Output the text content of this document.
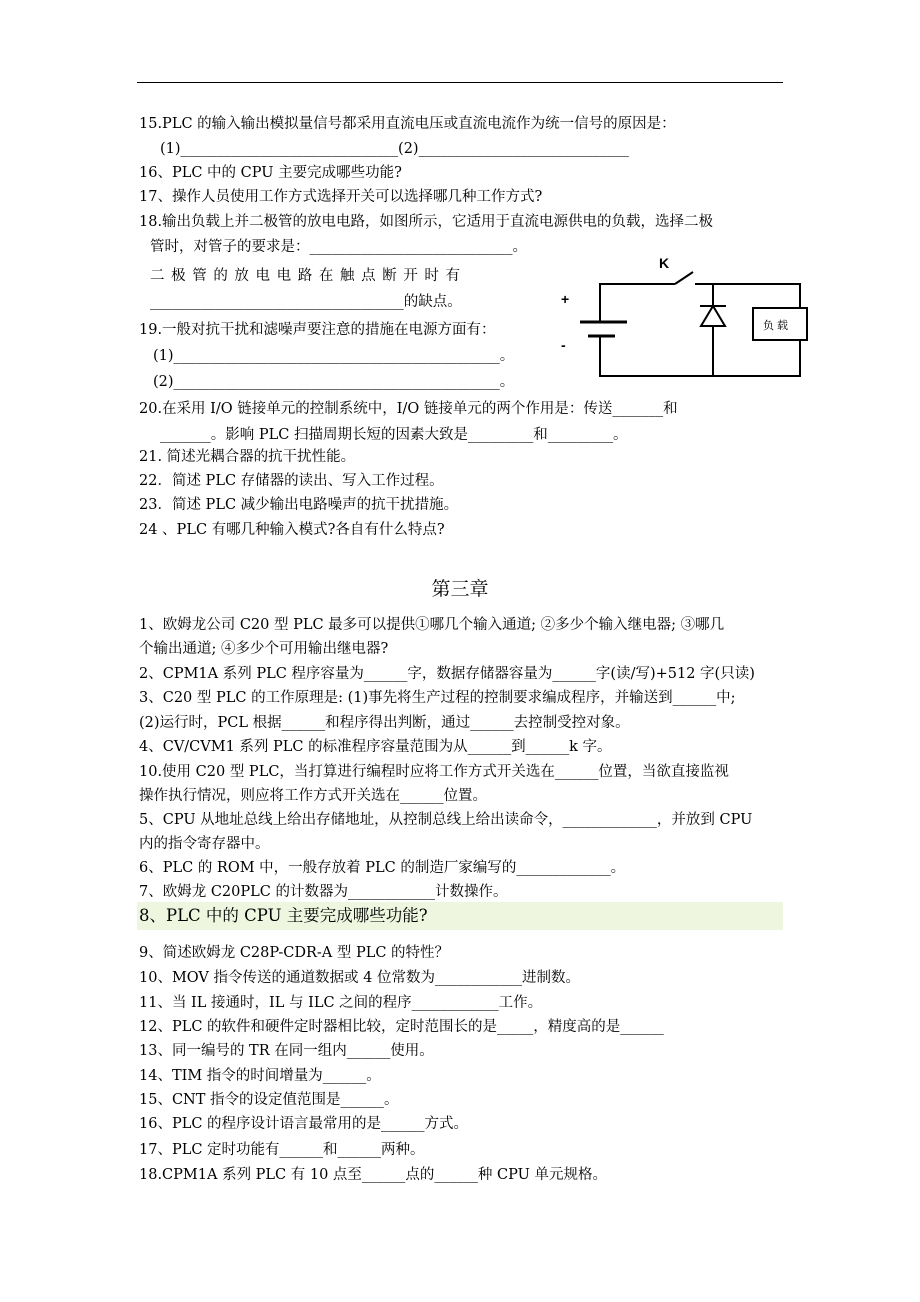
15.PLC 的输入输出模拟量信号都采用直流电压或直流电流作为统一信号的原因是：
(1)______________________________(2)_____________________________
16、PLC 中的 CPU 主要完成哪些功能?
17、操作人员使用工作方式选择开关可以选择哪几种工作方式?
18.输出负载上并二极管的放电电路，如图所示，它适用于直流电源供电的负载，选择二极
管时，对管子的要求是：____________________________。
二 极 管 的 放 电 电 路 在 触 点 断 开 时 有
___________________________________的缺点。
19.一般对抗干扰和滤噪声要注意的措施在电源方面有：
(1)_____________________________________________。
(2)_____________________________________________。
20.在采用 I/O 链接单元的控制系统中，I/O 链接单元的两个作用是：传送_______和
_______。影响 PLC 扫描周期长短的因素大致是_________和_________。
21. 简述光耦合器的抗干扰性能。
22．简述 PLC 存储器的读出、写入工作过程。
23．简述 PLC 减少输出电路噪声的抗干扰措施。
24 、PLC 有哪几种输入模式?各自有什么特点?
第三章
1、欧姆龙公司 C20 型 PLC 最多可以提供①哪几个输入通道; ②多少个输入继电器; ③哪几
个输出通道; ④多少个可用输出继电器?
2、CPM1A 系列 PLC 程序容量为______字，数据存储器容量为______字(读/写)+512 字(只读)
3、C20 型 PLC 的工作原理是: (1)事先将生产过程的控制要求编成程序，并输送到______中;
(2)运行时，PCL 根据______和程序得出判断，通过______去控制受控对象。
4、CV/CVM1 系列 PLC 的标准程序容量范围为从______到______k 字。
10.使用 C20 型 PLC，当打算进行编程时应将工作方式开关选在______位置，当欲直接监视
操作执行情况，则应将工作方式开关选在______位置。
5、CPU 从地址总线上给出存储地址，从控制总线上给出读命令，_____________，并放到 CPU
内的指令寄存器中。
6、PLC 的 ROM 中，一般存放着 PLC 的制造厂家编写的_____________。
7、欧姆龙 C20PLC 的计数器为____________计数操作。
8、PLC 中的 CPU 主要完成哪些功能?
9、简述欧姆龙 C28P-CDR-A 型 PLC 的特性？
10、MOV 指令传送的通道数据或 4 位常数为____________进制数。
11、当 IL 接通时，IL 与 ILC 之间的程序____________工作。
12、PLC 的软件和硬件定时器相比较，定时范围长的是_____，精度高的是______
13、同一编号的 TR 在同一组内______使用。
14、TIM 指令的时间增量为______。
15、CNT 指令的设定值范围是______。
16、PLC 的程序设计语言最常用的是______方式。
17、PLC 定时功能有______和______两种。
18.CPM1A 系列 PLC 有 10 点至______点的______种 CPU 单元规格。
K
+
-
负 载
